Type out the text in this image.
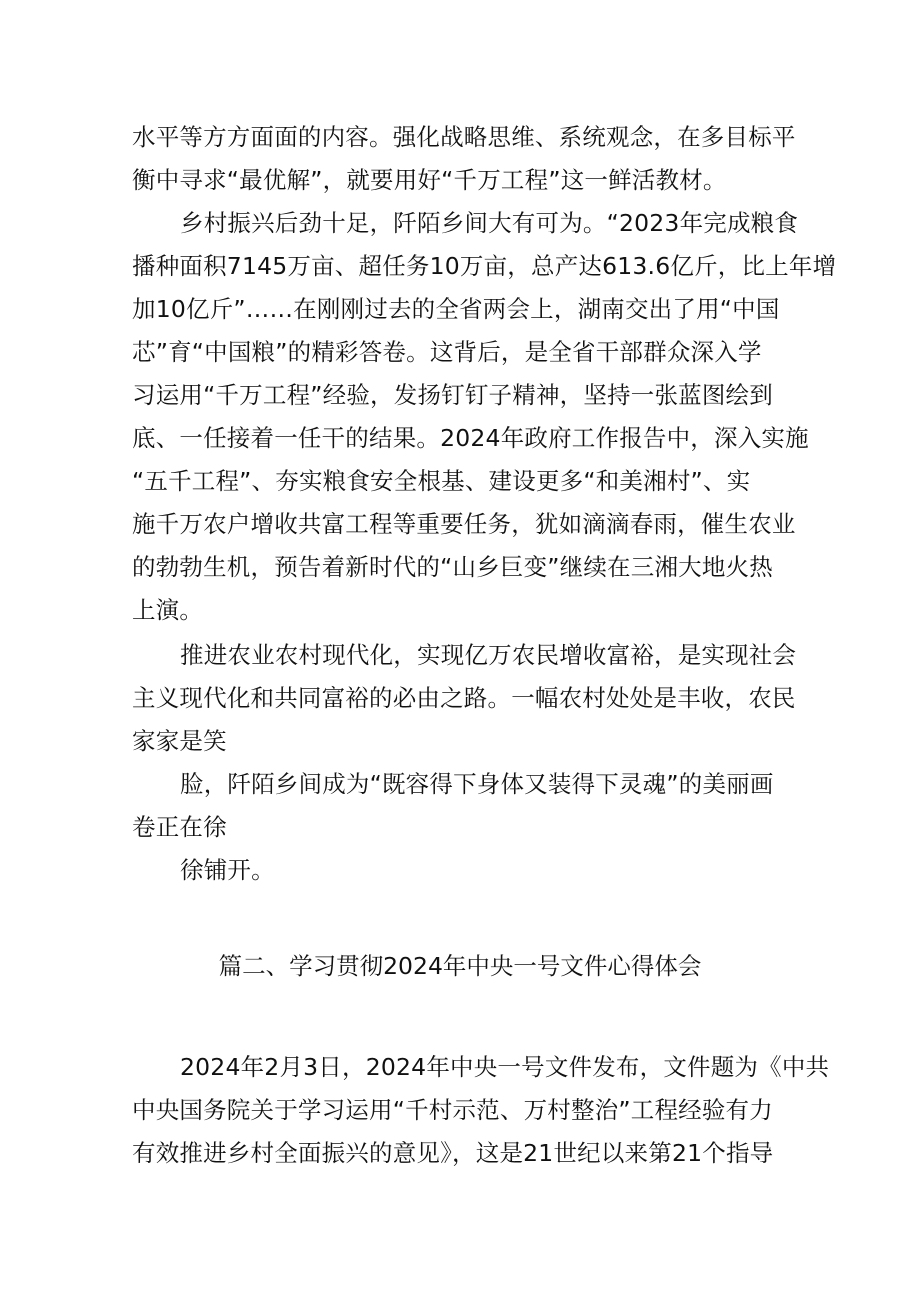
水平等方方面面的内容。强化战略思维、系统观念，在多目标平
衡中寻求“最优解”，就要用好“千万工程”这一鲜活教材。
乡村振兴后劲十足，阡陌乡间大有可为。“2023年完成粮食
播种面积7145万亩、超任务10万亩，总产达613.6亿斤，比上年增
加10亿斤”……在刚刚过去的全省两会上，湖南交出了用“中国
芯”育“中国粮”的精彩答卷。这背后，是全省干部群众深入学
习运用“千万工程”经验，发扬钉钉子精神，坚持一张蓝图绘到
底、一任接着一任干的结果。2024年政府工作报告中，深入实施
“五千工程”、夯实粮食安全根基、建设更多“和美湘村”、实
施千万农户增收共富工程等重要任务，犹如滴滴春雨，催生农业
的勃勃生机，预告着新时代的“山乡巨变”继续在三湘大地火热
上演。
推进农业农村现代化，实现亿万农民增收富裕，是实现社会
主义现代化和共同富裕的必由之路。一幅农村处处是丰收，农民
家家是笑
脸，阡陌乡间成为“既容得下身体又装得下灵魂”的美丽画
卷正在徐
徐铺开。
篇二、学习贯彻2024年中央一号文件心得体会
2024年2月3日，2024年中央一号文件发布，文件题为《中共
中央国务院关于学习运用“千村示范、万村整治”工程经验有力
有效推进乡村全面振兴的意见》，这是21世纪以来第21个指导
